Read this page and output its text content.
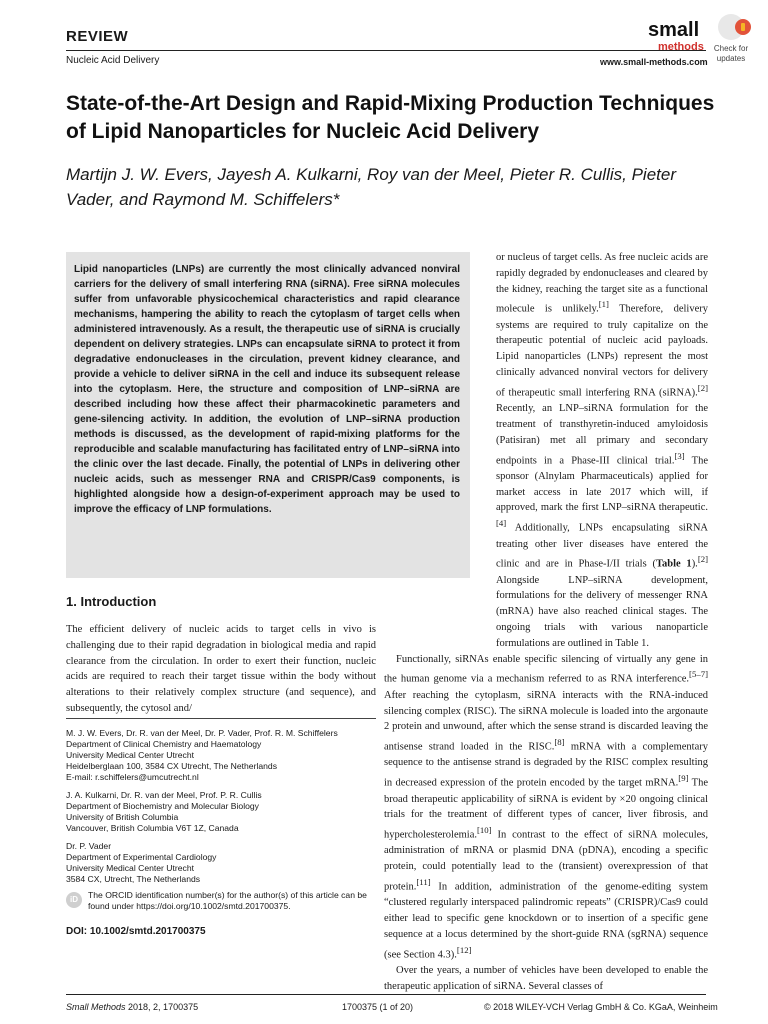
REVIEW
Nucleic Acid Delivery
small
methods
www.small-methods.com
Check for updates
State-of-the-Art Design and Rapid-Mixing Production Techniques of Lipid Nanoparticles for Nucleic Acid Delivery
Martijn J. W. Evers, Jayesh A. Kulkarni, Roy van der Meel, Pieter R. Cullis, Pieter Vader, and Raymond M. Schiffelers*

Lipid nanoparticles (LNPs) are currently the most clinically advanced nonviral carriers for the delivery of small interfering RNA (siRNA). Free siRNA molecules suffer from unfavorable physicochemical characteristics and rapid clearance mechanisms, hampering the ability to reach the cytoplasm of target cells when administered intravenously. As a result, the therapeutic use of siRNA is crucially dependent on delivery strategies. LNPs can encapsulate siRNA to protect it from degradative endonucleases in the circulation, prevent kidney clearance, and provide a vehicle to deliver siRNA in the cell and induce its subsequent release into the cytoplasm. Here, the structure and composition of LNP–siRNA are described including how these affect their pharmacokinetic parameters and gene-silencing activity. In addition, the evolution of LNP–siRNA production methods is discussed, as the development of rapid-mixing platforms for the reproducible and scalable manufacturing has facilitated entry of LNP–siRNA into the clinic over the last decade. Finally, the potential of LNPs in delivering other nucleic acids, such as messenger RNA and CRISPR/Cas9 components, is highlighted alongside how a design-of-experiment approach may be used to improve the efficacy of LNP formulations.

1. Introduction

The efficient delivery of nucleic acids to target cells in vivo is challenging due to their rapid degradation in biological media and rapid clearance from the circulation. In order to exert their function, nucleic acids are required to reach their target tissue within the body without alterations to their relatively complex structure (and sequence), and subsequently, the cytosol and/

M. J. W. Evers, Dr. R. van der Meel, Dr. P. Vader, Prof. R. M. Schiffelers
Department of Clinical Chemistry and Haematology
University Medical Center Utrecht
Heidelberglaan 100, 3584 CX Utrecht, The Netherlands
E-mail: r.schiffelers@umcutrecht.nl
J. A. Kulkarni, Dr. R. van der Meel, Prof. P. R. Cullis
Department of Biochemistry and Molecular Biology
University of British Columbia
Vancouver, British Columbia V6T 1Z, Canada
Dr. P. Vader
Department of Experimental Cardiology
University Medical Center Utrecht
3584 CX, Utrecht, The Netherlands
iD	The ORCID identification number(s) for the author(s) of this article can be found under https://doi.org/10.1002/smtd.201700375.
DOI: 10.1002/smtd.201700375

or nucleus of target cells. As free nucleic acids are rapidly degraded by endonucleases and cleared by the kidney, reaching the target site as a functional molecule is unlikely.[1] Therefore, delivery systems are required to truly capitalize on the therapeutic potential of nucleic acid payloads. Lipid nanoparticles (LNPs) represent the most clinically advanced nonviral vectors for delivery of therapeutic small interfering RNA (siRNA).[2] Recently, an LNP–siRNA formulation for the treatment of transthyretin-induced amyloidosis (Patisiran) met all primary and secondary endpoints in a Phase-III clinical trial.[3] The sponsor (Alnylam Pharmaceuticals) applied for market access in late 2017 which will, if approved, mark the first LNP–siRNA therapeutic.[4] Additionally, LNPs encapsulating siRNA treating other liver diseases have entered the clinic and are in Phase-I/II trials (Table 1).[2] Alongside LNP–siRNA development, formulations for the delivery of messenger RNA (mRNA) have also reached clinical stages. The ongoing trials with various nanoparticle formulations are outlined in Table 1.

Functionally, siRNAs enable specific silencing of virtually any gene in the human genome via a mechanism referred to as RNA interference.[5–7] After reaching the cytoplasm, siRNA interacts with the RNA-induced silencing complex (RISC). The siRNA molecule is loaded into the argonaute 2 protein and unwound, after which the sense strand is discarded leaving the antisense strand loaded in the RISC.[8] mRNA with a complementary sequence to the antisense strand is degraded by the RISC complex resulting in decreased expression of the protein encoded by the target mRNA.[9] The broad therapeutic applicability of siRNA is evident by ×20 ongoing clinical trials for the treatment of different types of cancer, liver fibrosis, and hypercholesterolemia.[10] In contrast to the effect of siRNA molecules, administration of mRNA or plasmid DNA (pDNA), encoding a specific protein, could potentially lead to the (transient) overexpression of that protein.[11] In addition, administration of the genome-editing system “clustered regularly interspaced palindromic repeats” (CRISPR)/Cas9 could either lead to specific gene knockdown or to insertion of a specific gene sequence at a locus determined by the short-guide RNA (sgRNA) sequence (see Section 4.3).[12]

Over the years, a number of vehicles have been developed to enable the therapeutic application of siRNA. Several classes of

Small Methods 2018, 2, 1700375	1700375 (1 of 20)	© 2018 WILEY-VCH Verlag GmbH & Co. KGaA, Weinheim
